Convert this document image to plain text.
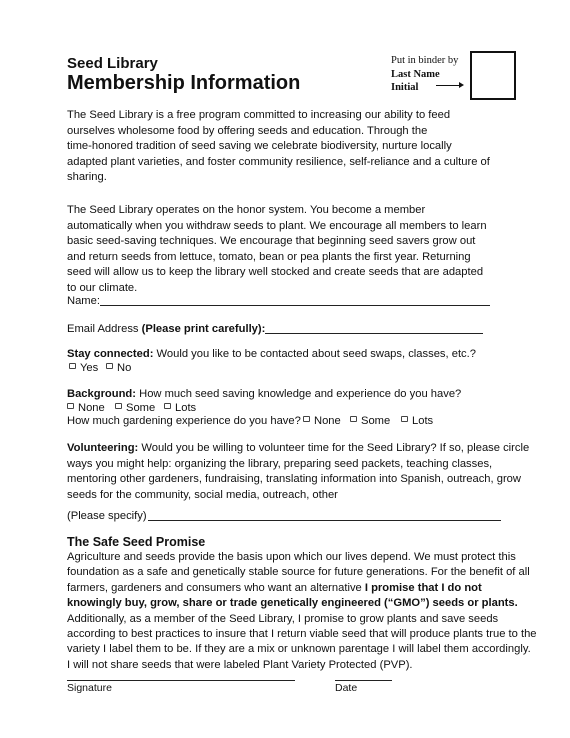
Seed Library
Membership Information
Put in binder by
Last Name
Initial
The Seed Library is a free program committed to increasing our ability to feed
ourselves wholesome food by offering seeds and education. Through the
time-honored tradition of seed saving we celebrate biodiversity, nurture locally
adapted plant varieties, and foster community resilience, self-reliance and a culture of
sharing.
The Seed Library operates on the honor system. You become a member
automatically when you withdraw seeds to plant. We encourage all members to learn
basic seed-saving techniques. We encourage that beginning seed savers grow out
and return seeds from lettuce, tomato, bean or pea plants the first year. Returning
seed will allow us to keep the library well stocked and create seeds that are adapted
to our climate.
Name:
Email Address (Please print carefully):
Stay connected: Would you like to be contacted about seed swaps, classes, etc.?
Yes	No
Background: How much seed saving knowledge and experience do you have?
None	Some	Lots
How much gardening experience do you have?	None	Some	Lots
Volunteering: Would you be willing to volunteer time for the Seed Library? If so, please circle
ways you might help: organizing the library, preparing seed packets, teaching classes,
mentoring other gardeners, fundraising, translating information into Spanish, outreach, grow
seeds for the community, social media, outreach, other
(Please specify)
The Safe Seed Promise
Agriculture and seeds provide the basis upon which our lives depend. We must protect this
foundation as a safe and genetically stable source for future generations. For the benefit of all
farmers, gardeners and consumers who want an alternative I promise that I do not
knowingly buy, grow, share or trade genetically engineered (“GMO”) seeds or plants.
Additionally, as a member of the Seed Library, I promise to grow plants and save seeds
according to best practices to insure that I return viable seed that will produce plants true to the
variety I label them to be. If they are a mix or unknown parentage I will label them accordingly.
I will not share seeds that were labeled Plant Variety Protected (PVP).
Signature	Date
